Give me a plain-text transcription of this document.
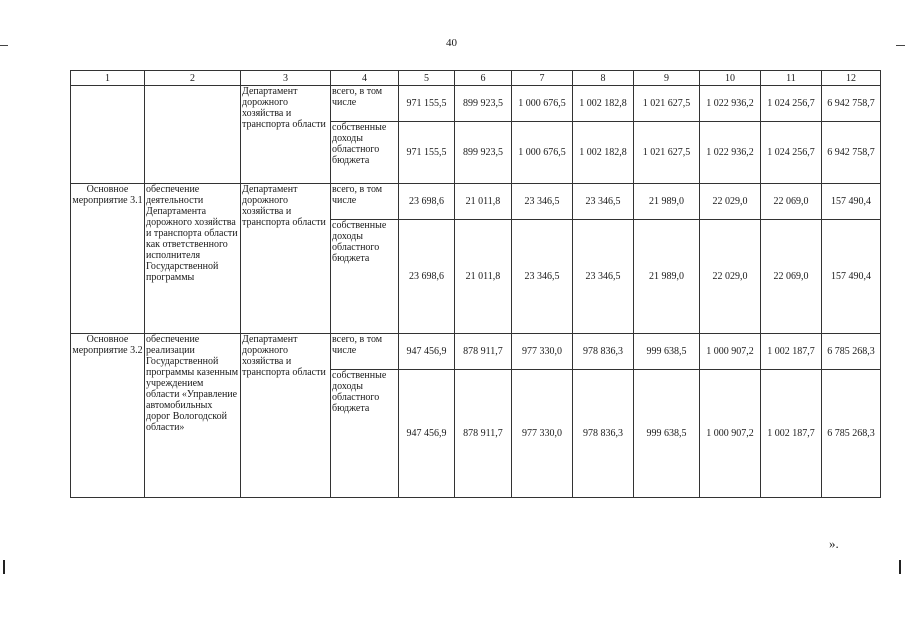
40
1	2	3	4	5	6	7	8	9	10	11	12
		Департамент дорожного хозяйства и транспорта области	всего, в том числе	971 155,5	899 923,5	1 000 676,5	1 002 182,8	1 021 627,5	1 022 936,2	1 024 256,7	6 942 758,7
			собственные доходы областного бюджета	971 155,5	899 923,5	1 000 676,5	1 002 182,8	1 021 627,5	1 022 936,2	1 024 256,7	6 942 758,7
Основное мероприятие 3.1	обеспечение деятельности Департамента дорожного хозяйства и транспорта области как ответственного исполнителя Государственной программы	Департамент дорожного хозяйства и транспорта области	всего, в том числе	23 698,6	21 011,8	23 346,5	23 346,5	21 989,0	22 029,0	22 069,0	157 490,4
			собственные доходы областного бюджета	23 698,6	21 011,8	23 346,5	23 346,5	21 989,0	22 029,0	22 069,0	157 490,4
Основное мероприятие 3.2	обеспечение реализации Государственной программы казенным учреждением области «Управление автомобильных дорог Вологодской области»	Департамент дорожного хозяйства и транспорта области	всего, в том числе	947 456,9	878 911,7	977 330,0	978 836,3	999 638,5	1 000 907,2	1 002 187,7	6 785 268,3
			собственные доходы областного бюджета	947 456,9	878 911,7	977 330,0	978 836,3	999 638,5	1 000 907,2	1 002 187,7	6 785 268,3
».
